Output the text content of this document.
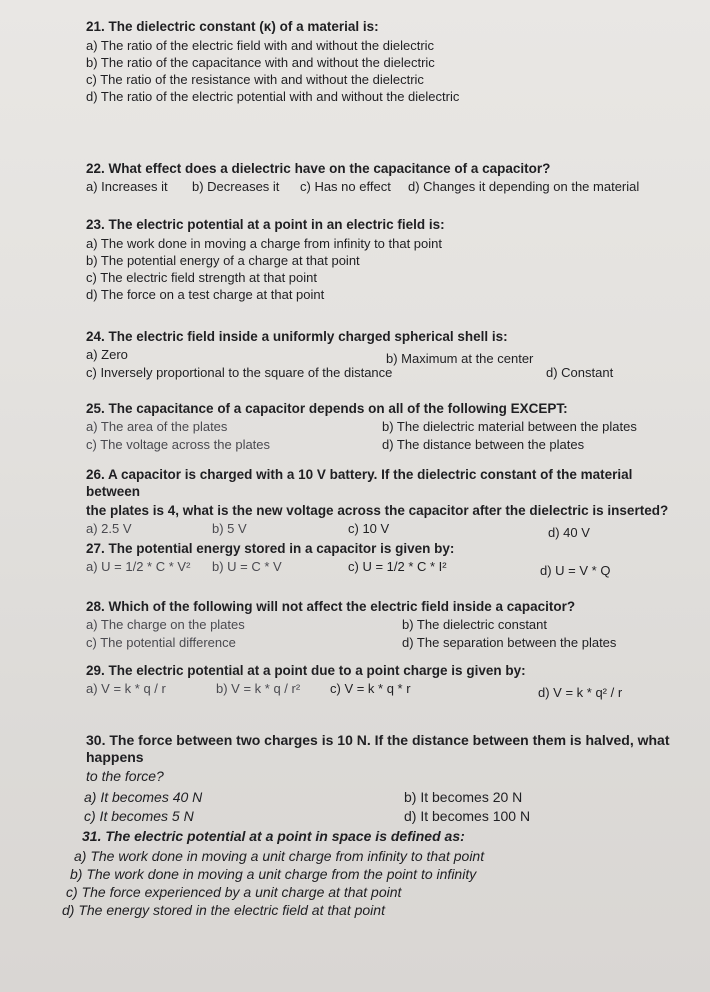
21. The dielectric constant (κ) of a material is:
a) The ratio of the electric field with and without the dielectric
b) The ratio of the capacitance with and without the dielectric
c) The ratio of the resistance with and without the dielectric
d) The ratio of the electric potential with and without the dielectric
22. What effect does a dielectric have on the capacitance of a capacitor?
a) Increases it b) Decreases it c) Has no effect d) Changes it depending on the material
23. The electric potential at a point in an electric field is:
a) The work done in moving a charge from infinity to that point
b) The potential energy of a charge at that point
c) The electric field strength at that point
d) The force on a test charge at that point
24. The electric field inside a uniformly charged spherical shell is:
a) Zero	b) Maximum at the center
c) Inversely proportional to the square of the distance	d) Constant
25. The capacitance of a capacitor depends on all of the following EXCEPT:
a) The area of the plates	b) The dielectric material between the plates
c) The voltage across the plates	d) The distance between the plates
26. A capacitor is charged with a 10 V battery. If the dielectric constant of the material between
the plates is 4, what is the new voltage across the capacitor after the dielectric is inserted?
a) 2.5 V	b) 5 V	c) 10 V	d) 40 V
27. The potential energy stored in a capacitor is given by:
a) U = 1/2 * C * V² b) U = C * V	c) U = 1/2 * C * I²	d) U = V * Q
28. Which of the following will not affect the electric field inside a capacitor?
a) The charge on the plates	b) The dielectric constant
c) The potential difference	d) The separation between the plates
29. The electric potential at a point due to a point charge is given by:
a) V = k * q / r	b) V = k * q / r² c) V = k * q * r	d) V = k * q² / r
30. The force between two charges is 10 N. If the distance between them is halved, what happens
to the force?
a) It becomes 40 N	b) It becomes 20 N
c) It becomes 5 N	d) It becomes 100 N
31. The electric potential at a point in space is defined as:
a) The work done in moving a unit charge from infinity to that point
b) The work done in moving a unit charge from the point to infinity
c) The force experienced by a unit charge at that point
d) The energy stored in the electric field at that point
